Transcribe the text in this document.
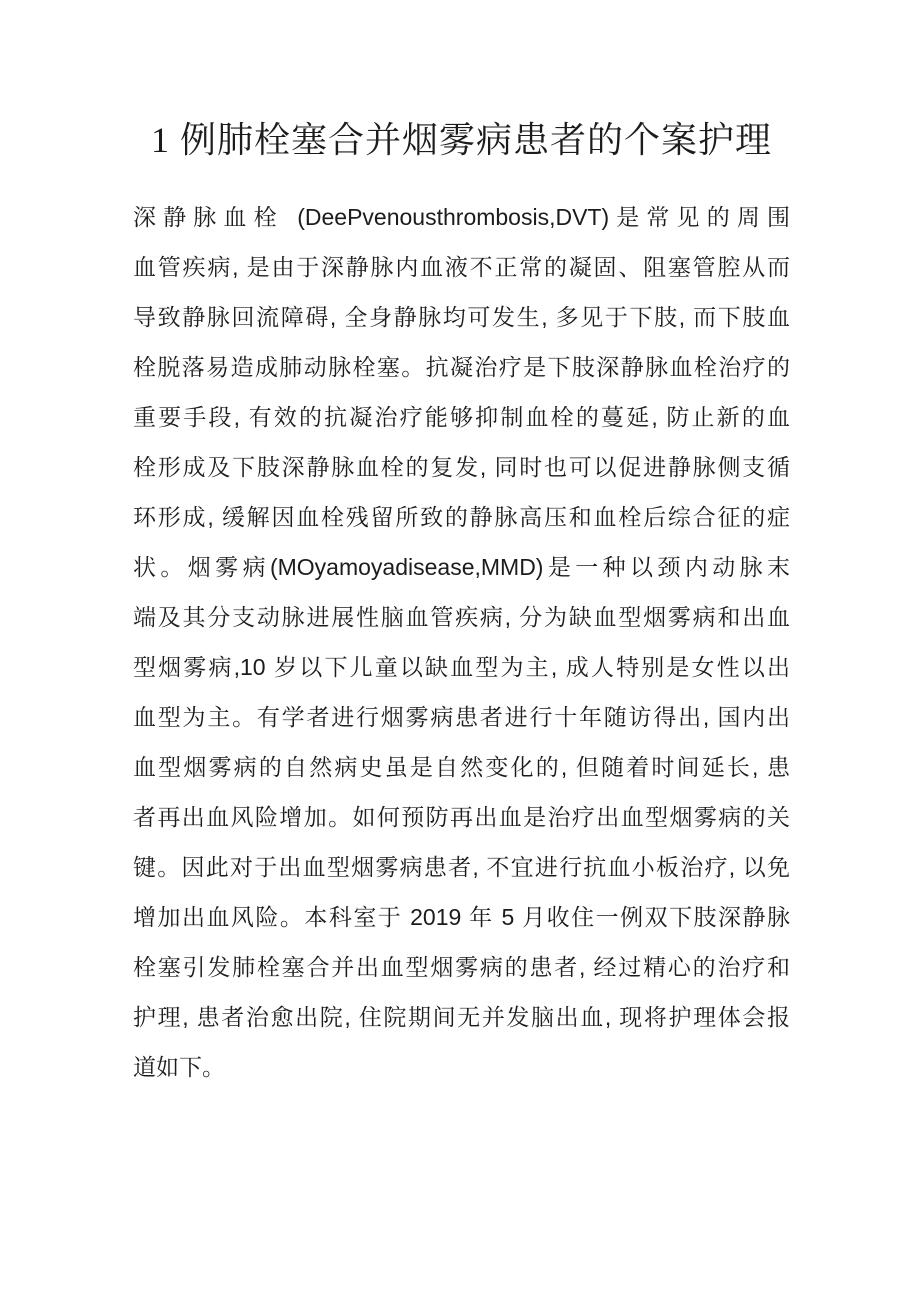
1 例肺栓塞合并烟雾病患者的个案护理
深静脉血栓 (DeePvenousthrombosis,DVT)是常见的周围
血管疾病, 是由于深静脉内血液不正常的凝固、阻塞管腔从而
导致静脉回流障碍, 全身静脉均可发生, 多见于下肢, 而下肢血
栓脱落易造成肺动脉栓塞。抗凝治疗是下肢深静脉血栓治疗的
重要手段, 有效的抗凝治疗能够抑制血栓的蔓延, 防止新的血
栓形成及下肢深静脉血栓的复发, 同时也可以促进静脉侧支循
环形成, 缓解因血栓残留所致的静脉高压和血栓后综合征的症
状。烟雾病(MOyamoyadisease,MMD)是一种以颈内动脉末
端及其分支动脉进展性脑血管疾病, 分为缺血型烟雾病和出血
型烟雾病,10 岁以下儿童以缺血型为主, 成人特别是女性以出
血型为主。有学者进行烟雾病患者进行十年随访得出, 国内出
血型烟雾病的自然病史虽是自然变化的, 但随着时间延长, 患
者再出血风险增加。如何预防再出血是治疗出血型烟雾病的关
键。因此对于出血型烟雾病患者, 不宜进行抗血小板治疗, 以免
增加出血风险。本科室于 2019 年 5 月收住一例双下肢深静脉
栓塞引发肺栓塞合并出血型烟雾病的患者, 经过精心的治疗和
护理, 患者治愈出院, 住院期间无并发脑出血, 现将护理体会报
道如下。
